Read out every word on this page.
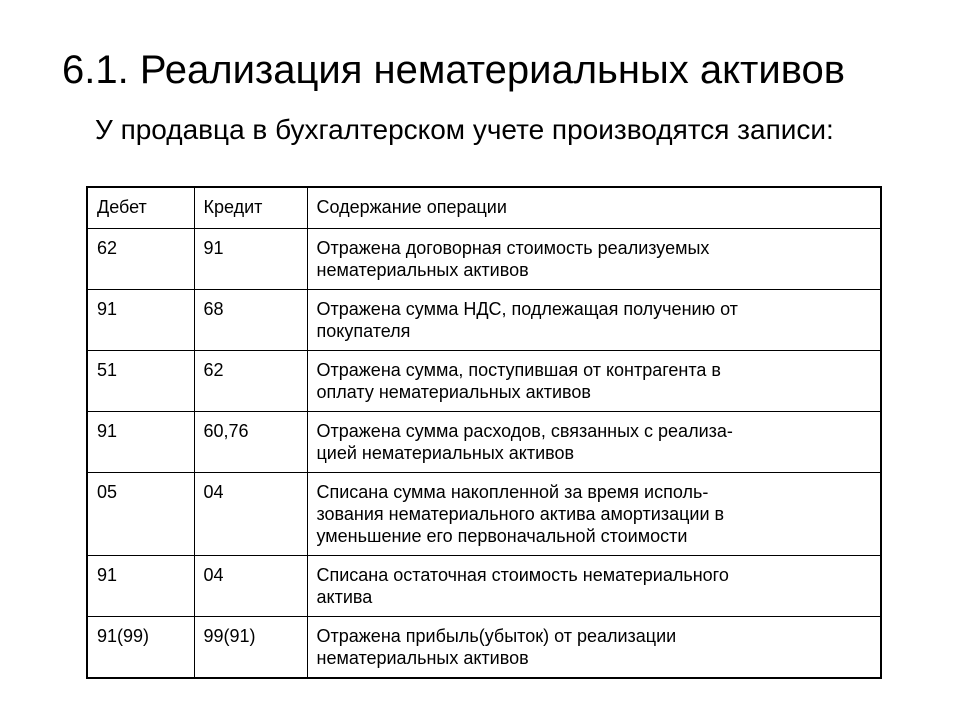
6.1. Реализация нематериальных активов
У продавца в бухгалтерском учете производятся записи:
Дебет	Кредит	Содержание операции
62	91	Отражена договорная стоимость реализуемых
нематериальных активов
91	68	Отражена сумма НДС, подлежащая получению от
покупателя
51	62	Отражена сумма, поступившая от контрагента в
оплату нематериальных активов
91	60,76	Отражена сумма расходов, связанных с реализа-
цией нематериальных активов
05	04	Списана сумма накопленной за время исполь-
зования нематериального актива амортизации в
уменьшение его первоначальной стоимости
91	04	Списана остаточная стоимость нематериального
актива
91(99)	99(91)	Отражена прибыль(убыток) от реализации
нематериальных активов
